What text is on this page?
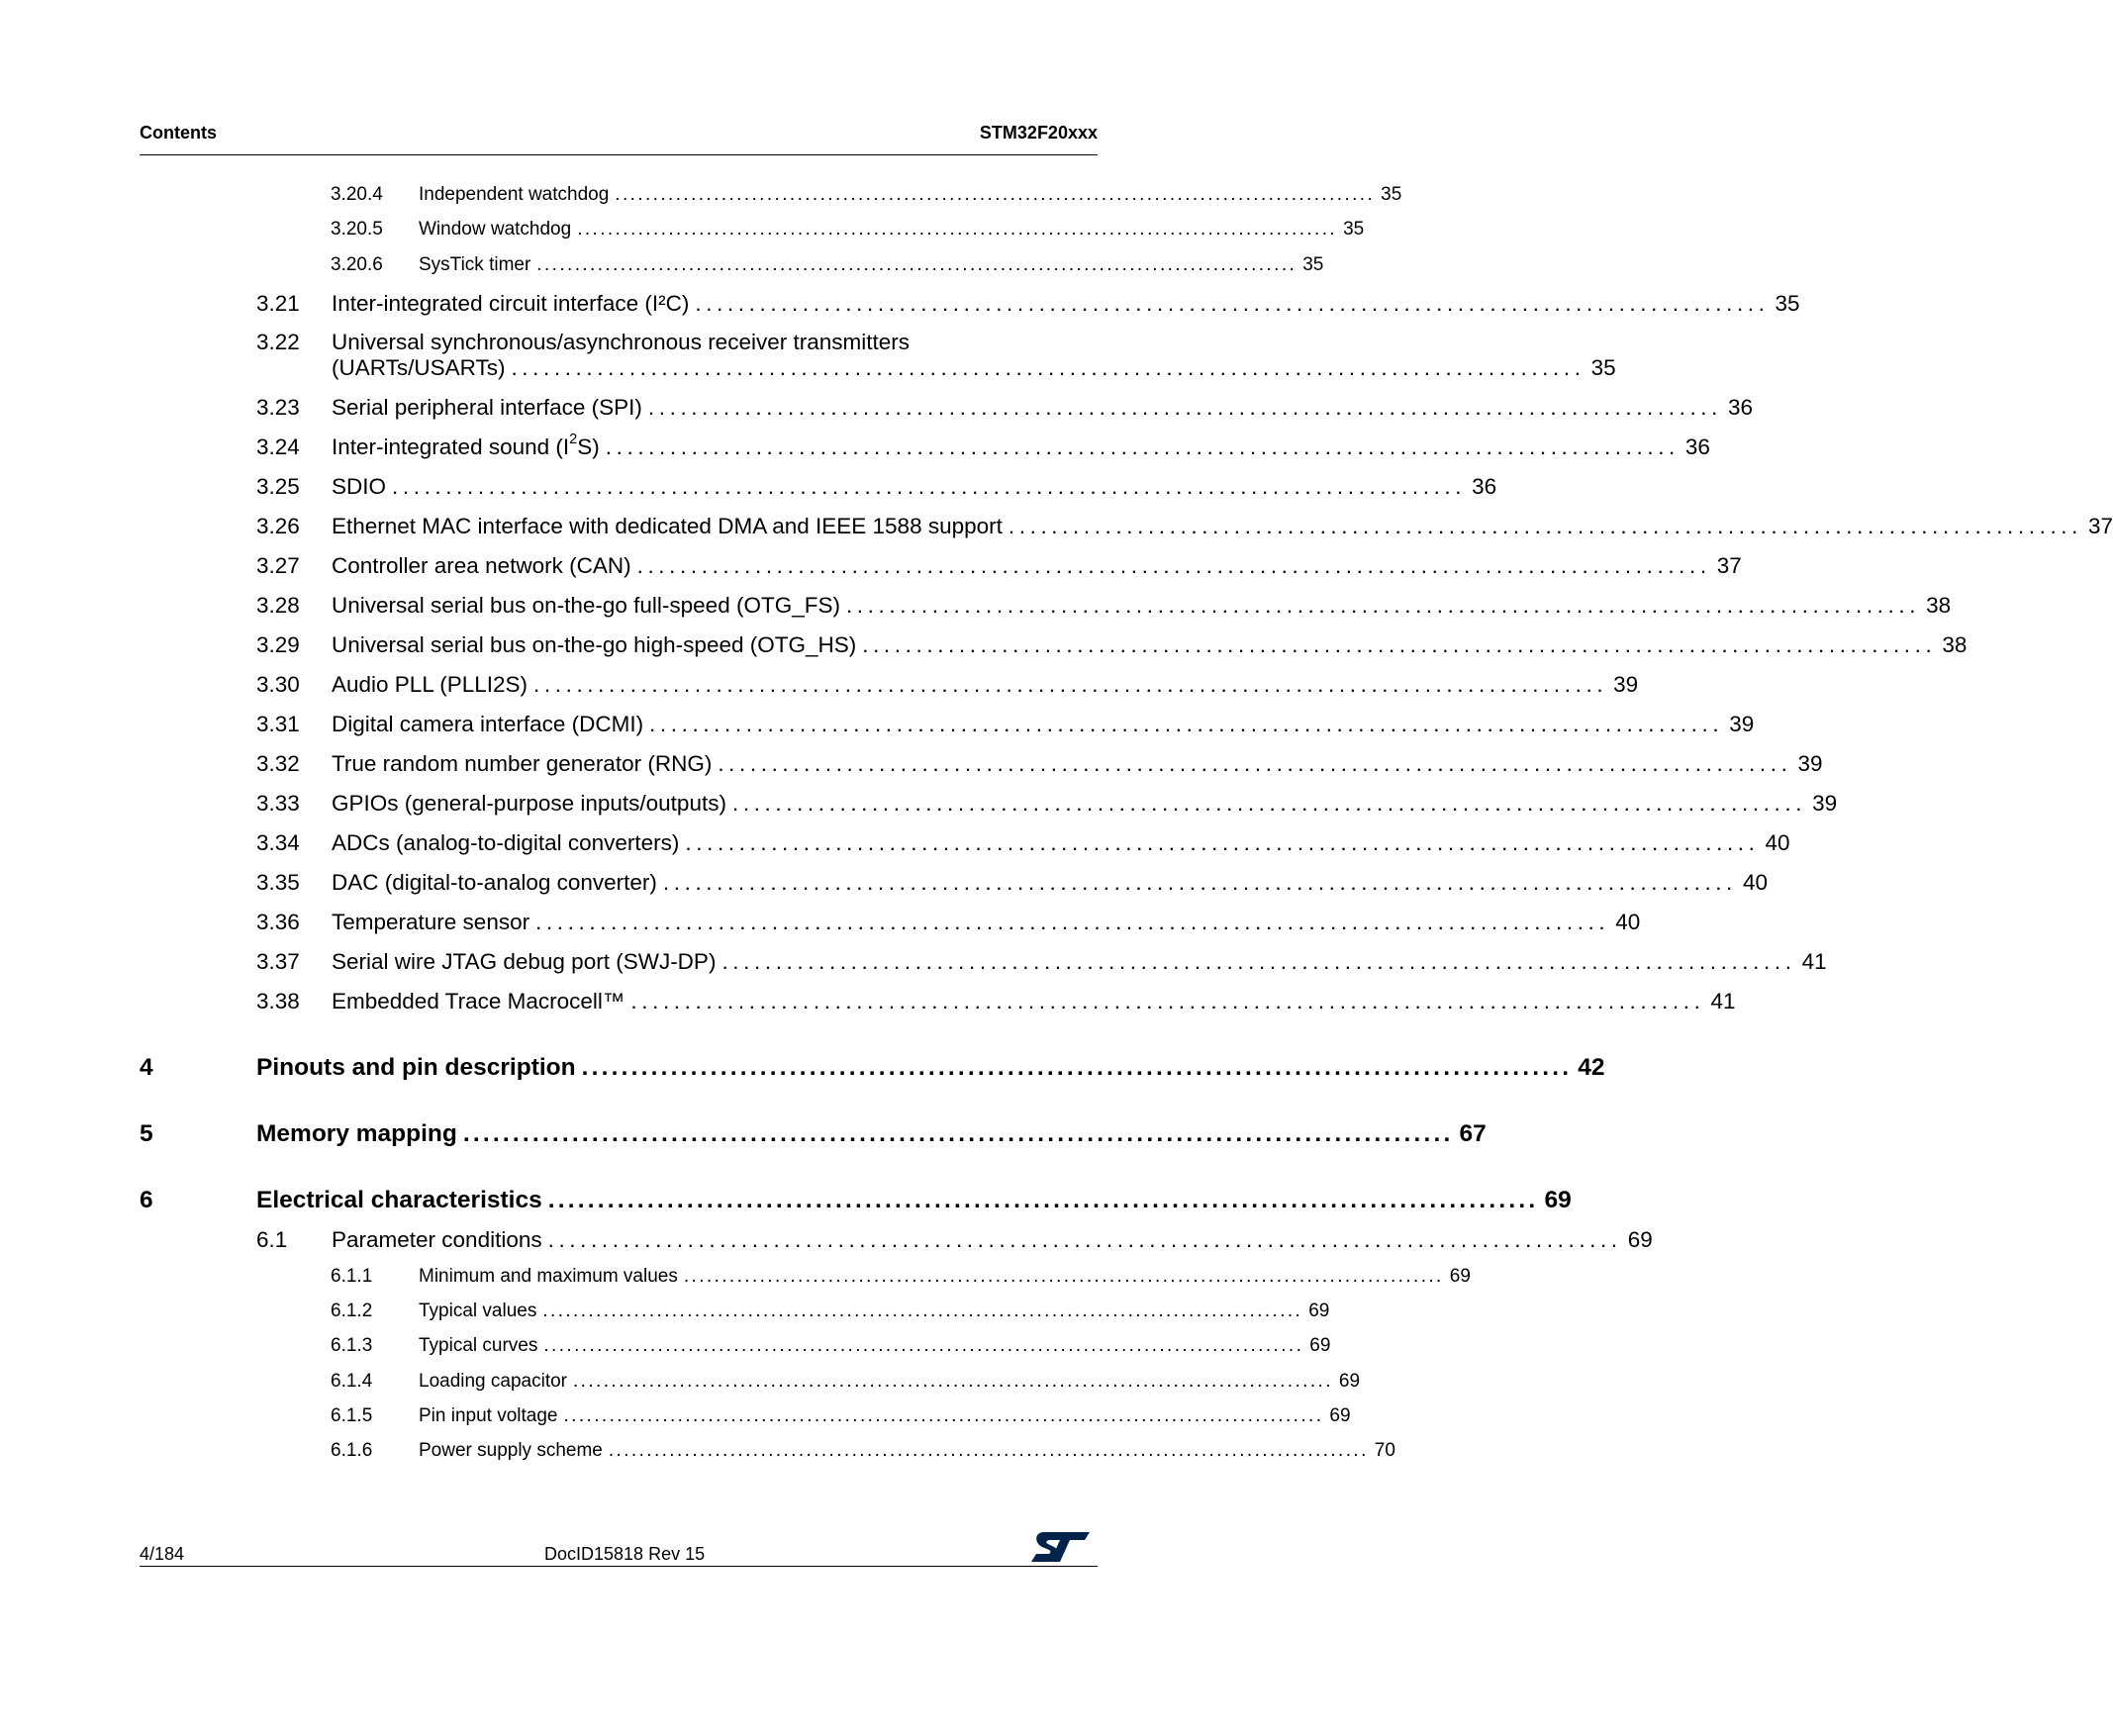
Contents	STM32F20xxx
3.20.4	Independent watchdog .................................................................................................... 35
3.20.5	Window watchdog .................................................................................................... 35
3.20.6	SysTick timer .................................................................................................... 35
3.21	Inter-integrated circuit interface (I²C) .................................................................................................... 35
3.22 Universal synchronous/asynchronous receiver transmitters
(UARTs/USARTs) .................................................................................................... 35
3.23	Serial peripheral interface (SPI) .................................................................................................... 36
3.24	Inter-integrated sound $(I^2S)$ .................................................................................................... 36
3.25	SDIO .................................................................................................... 36
3.26	Ethernet MAC interface with dedicated DMA and IEEE 1588 support .................................................................................................... 37
3.27	Controller area network (CAN) .................................................................................................... 37
3.28	Universal serial bus on-the-go full-speed (OTG_FS) .................................................................................................... 38
3.29	Universal serial bus on-the-go high-speed (OTG_HS) .................................................................................................... 38
3.30	Audio PLL (PLLI2S) .................................................................................................... 39
3.31	Digital camera interface (DCMI) .................................................................................................... 39
3.32	True random number generator (RNG) .................................................................................................... 39
3.33	GPIOs (general-purpose inputs/outputs) .................................................................................................... 39
3.34	ADCs (analog-to-digital converters) .................................................................................................... 40
3.35	DAC (digital-to-analog converter) .................................................................................................... 40
3.36	Temperature sensor .................................................................................................... 40
3.37	Serial wire JTAG debug port (SWJ-DP) .................................................................................................... 41
3.38	Embedded Trace Macrocell™ .................................................................................................... 41
4	Pinouts and pin description .................................................................................................... 42
5	Memory mapping .................................................................................................... 67
6	Electrical characteristics .................................................................................................... 69
6.1	Parameter conditions .................................................................................................... 69
6.1.1	Minimum and maximum values .................................................................................................... 69
6.1.2	Typical values .................................................................................................... 69
6.1.3	Typical curves .................................................................................................... 69
6.1.4	Loading capacitor .................................................................................................... 69
6.1.5	Pin input voltage .................................................................................................... 69
6.1.6	Power supply scheme .................................................................................................... 70
4/184	DocID15818 Rev 15
